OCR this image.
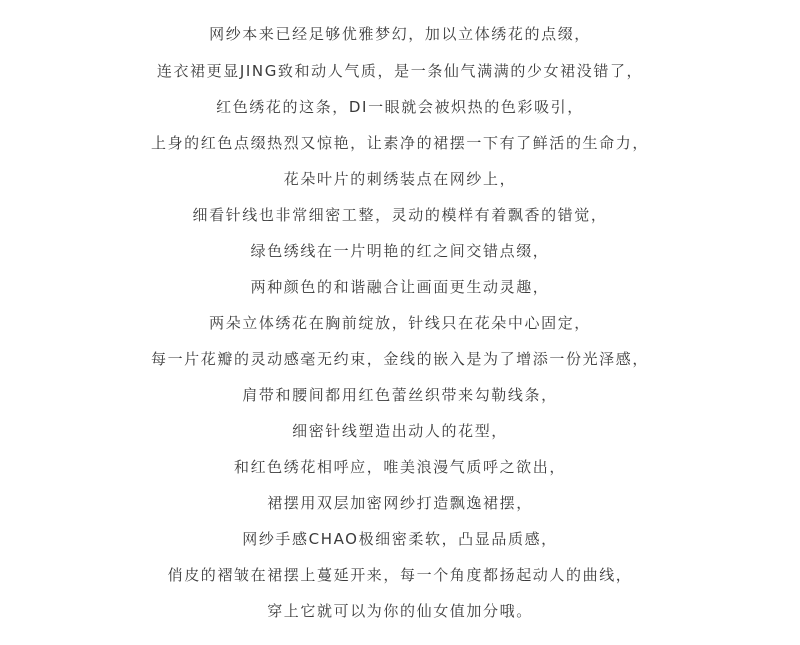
网纱本来已经足够优雅梦幻，加以立体绣花的点缀，
连衣裙更显JING致和动人气质，是一条仙气满满的少女裙没错了，
红色绣花的这条，DI一眼就会被炽热的色彩吸引，
上身的红色点缀热烈又惊艳，让素净的裙摆一下有了鲜活的生命力，
花朵叶片的刺绣装点在网纱上，
细看针线也非常细密工整，灵动的模样有着飘香的错觉，
绿色绣线在一片明艳的红之间交错点缀，
两种颜色的和谐融合让画面更生动灵趣，
两朵立体绣花在胸前绽放，针线只在花朵中心固定，
每一片花瓣的灵动感毫无约束，金线的嵌入是为了增添一份光泽感，
肩带和腰间都用红色蕾丝织带来勾勒线条，
细密针线塑造出动人的花型，
和红色绣花相呼应，唯美浪漫气质呼之欲出，
裙摆用双层加密网纱打造飘逸裙摆，
网纱手感CHAO极细密柔软，凸显品质感，
俏皮的褶皱在裙摆上蔓延开来，每一个角度都扬起动人的曲线，
穿上它就可以为你的仙女值加分哦。
